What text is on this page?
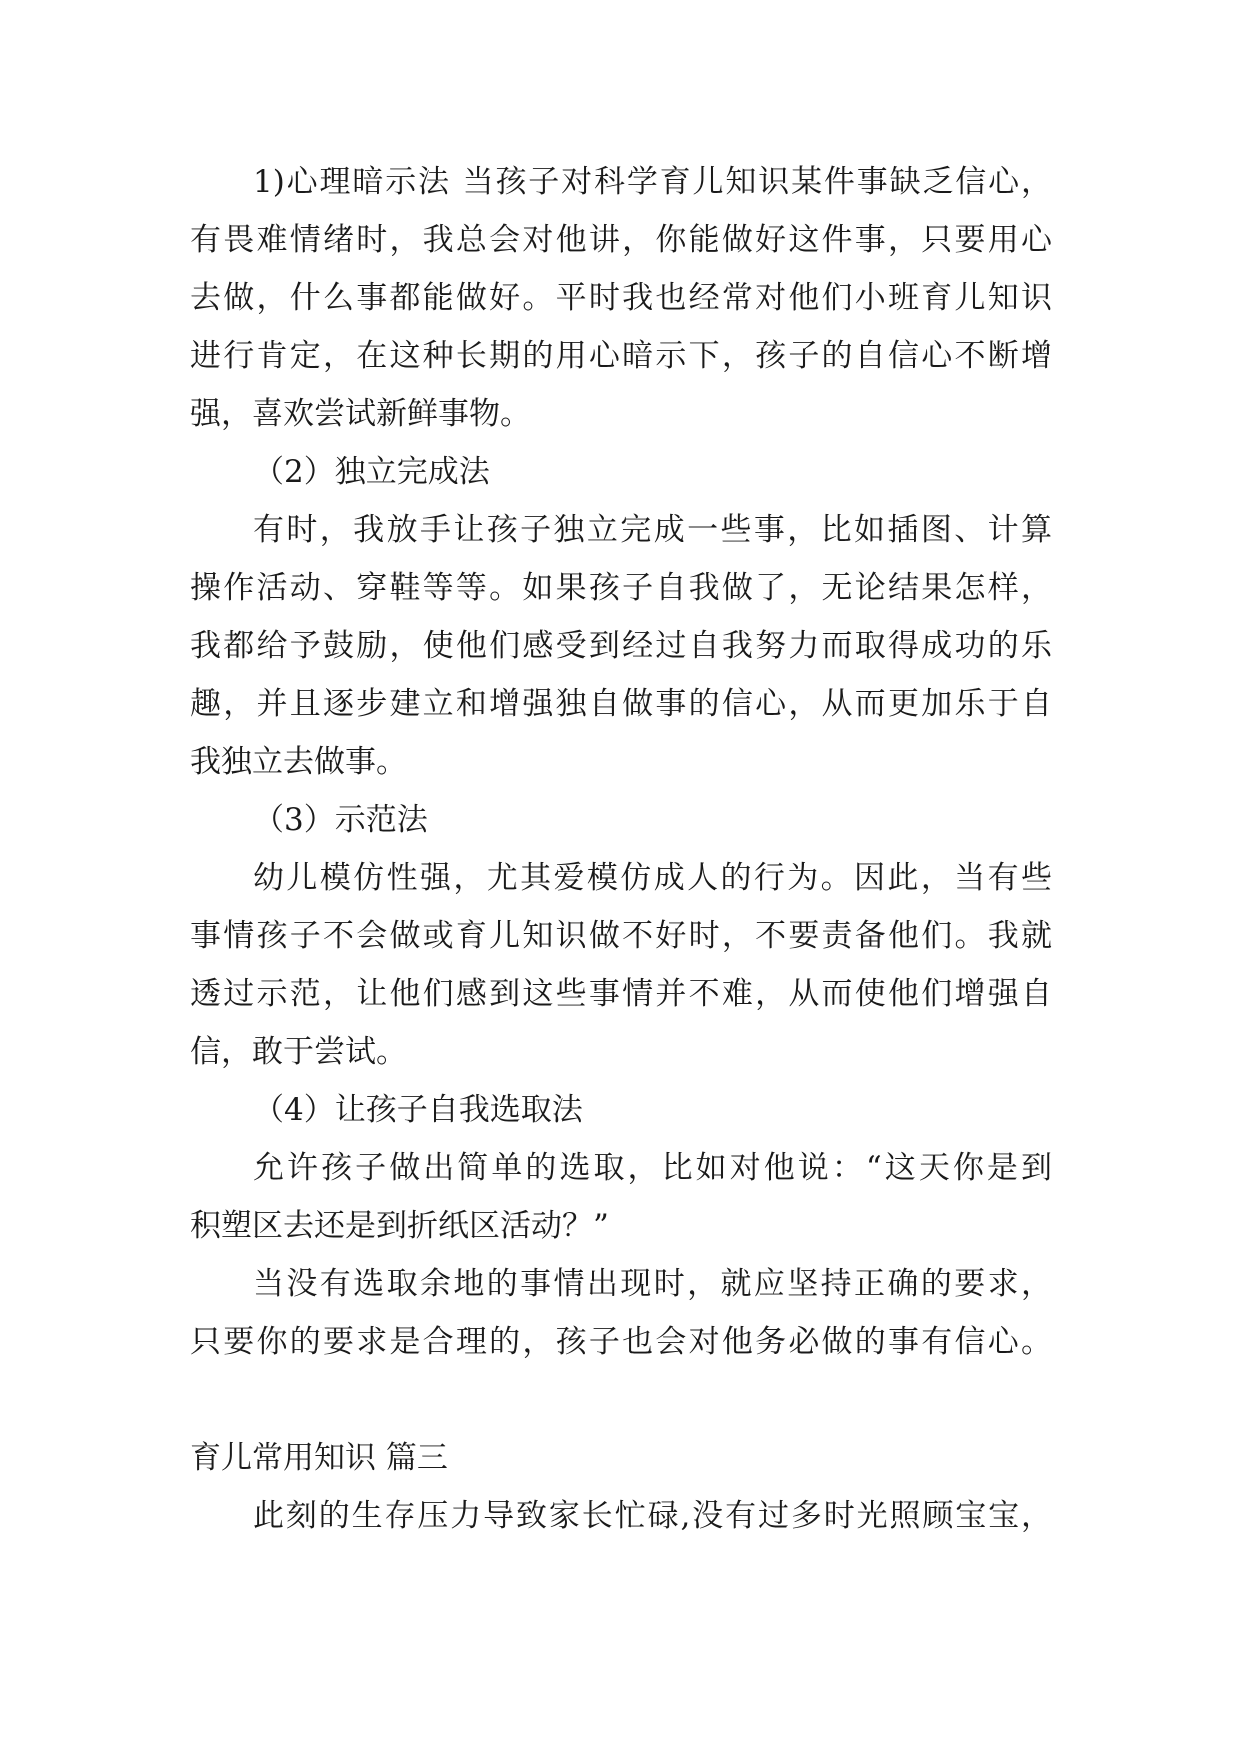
1)心理暗示法 当孩子对科学育儿知识某件事缺乏信心，
有畏难情绪时，我总会对他讲，你能做好这件事，只要用心
去做，什么事都能做好。平时我也经常对他们小班育儿知识
进行肯定，在这种长期的用心暗示下，孩子的自信心不断增
强，喜欢尝试新鲜事物。
（2）独立完成法
有时，我放手让孩子独立完成一些事，比如插图、计算
操作活动、穿鞋等等。如果孩子自我做了，无论结果怎样，
我都给予鼓励，使他们感受到经过自我努力而取得成功的乐
趣，并且逐步建立和增强独自做事的信心，从而更加乐于自
我独立去做事。
（3）示范法
幼儿模仿性强，尤其爱模仿成人的行为。因此，当有些
事情孩子不会做或育儿知识做不好时，不要责备他们。我就
透过示范，让他们感到这些事情并不难，从而使他们增强自
信，敢于尝试。
（4）让孩子自我选取法
允许孩子做出简单的选取，比如对他说：“这天你是到
积塑区去还是到折纸区活动？”
当没有选取余地的事情出现时，就应坚持正确的要求，
只要你的要求是合理的，孩子也会对他务必做的事有信心。
育儿常用知识 篇三
此刻的生存压力导致家长忙碌,没有过多时光照顾宝宝，
